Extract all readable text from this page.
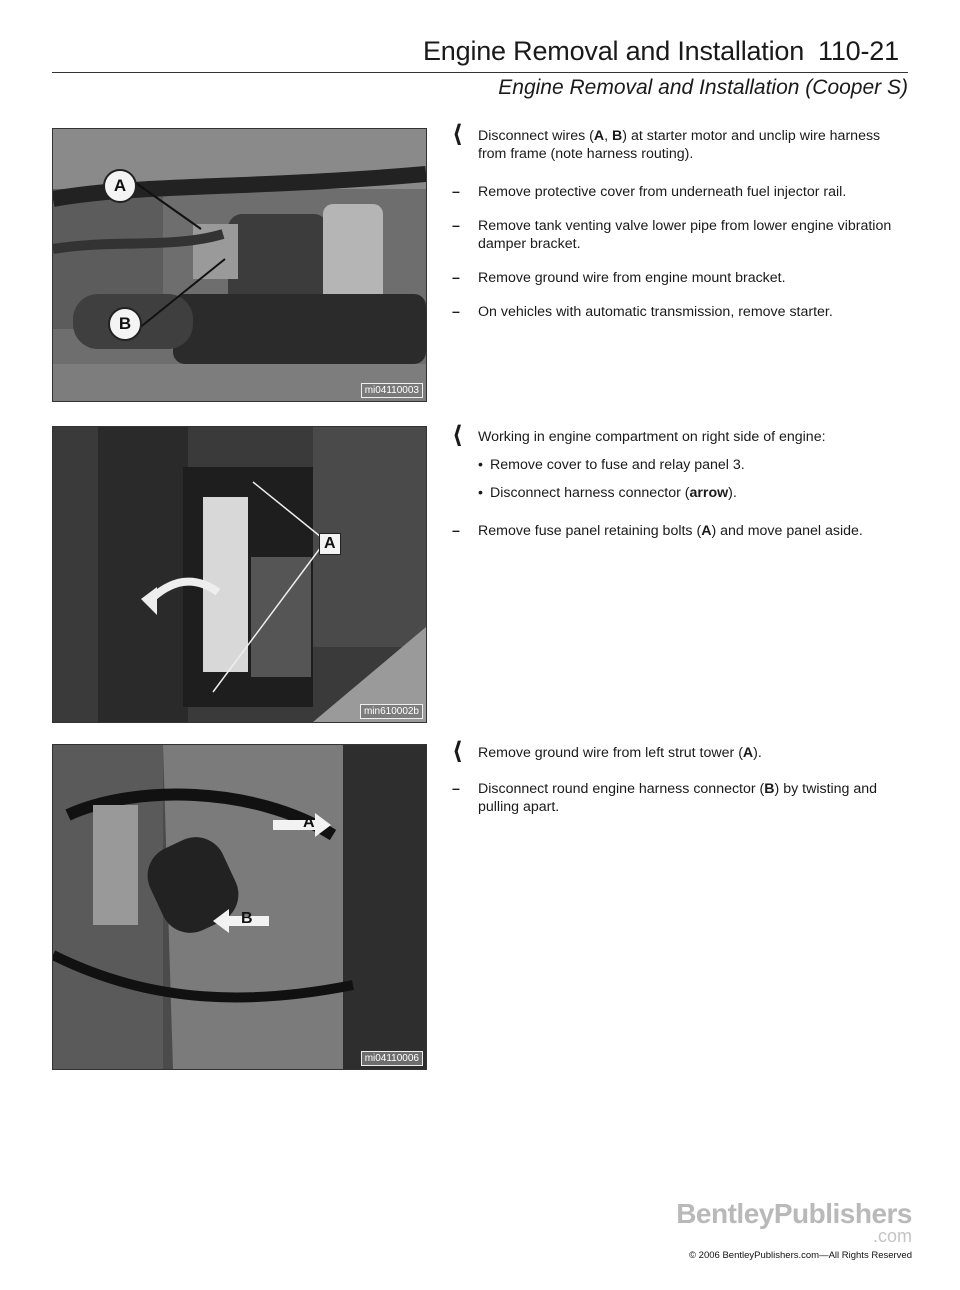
Engine Removal and Installation 110-21
Engine Removal and Installation (Cooper S)
A
B
mi04110003
A
min610002b
A
B
mi04110006
⟨ Disconnect wires (A, B) at starter motor and unclip wire harness from frame (note harness routing).
– Remove protective cover from underneath fuel injector rail.
– Remove tank venting valve lower pipe from lower engine vibration damper bracket.
– Remove ground wire from engine mount bracket.
– On vehicles with automatic transmission, remove starter.
⟨ Working in engine compartment on right side of engine:
• Remove cover to fuse and relay panel 3.
• Disconnect harness connector (arrow).
– Remove fuse panel retaining bolts (A) and move panel aside.
⟨ Remove ground wire from left strut tower (A).
– Disconnect round engine harness connector (B) by twisting and pulling apart.
BentleyPublishers
.com
© 2006 BentleyPublishers.com—All Rights Reserved
